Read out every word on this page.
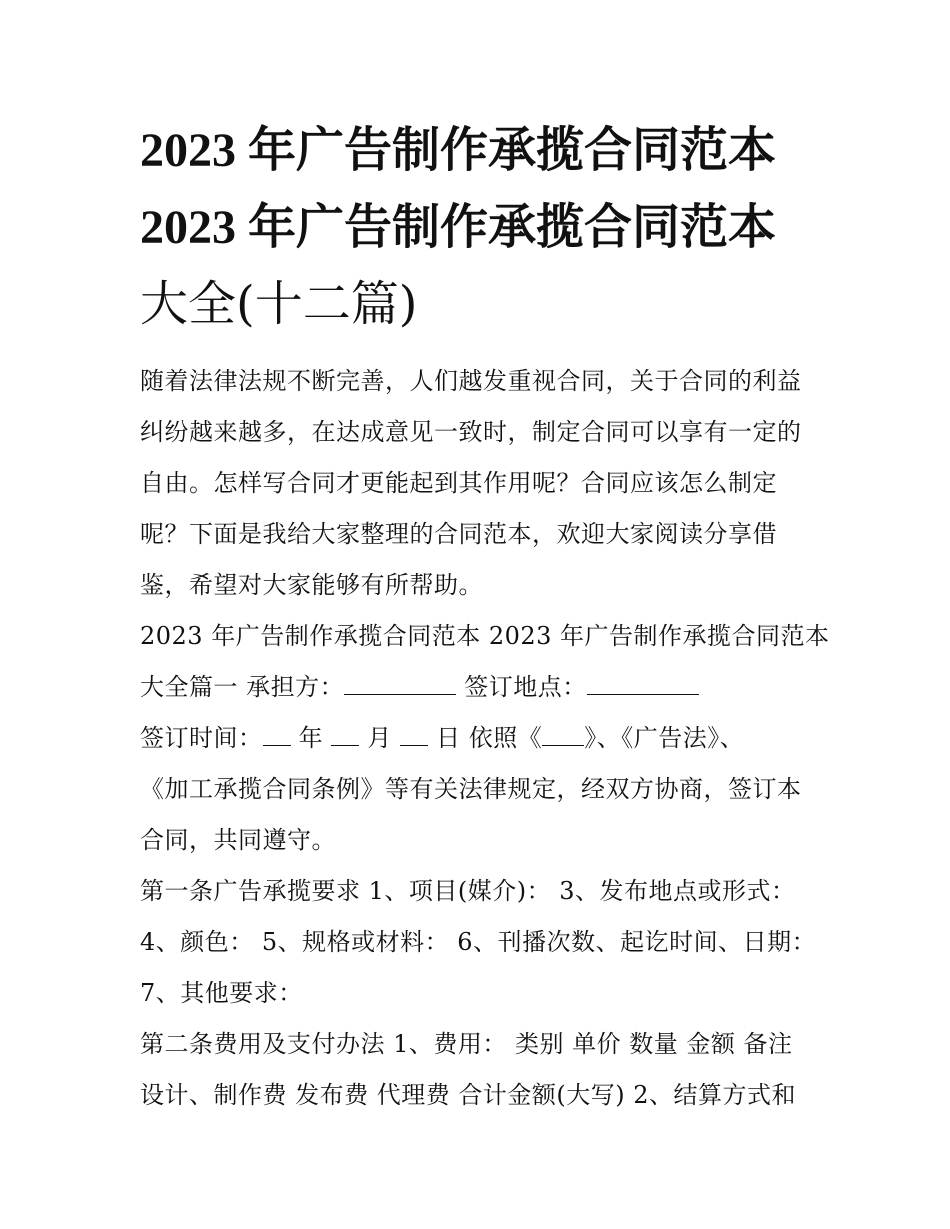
2023 年广告制作承揽合同范本
2023 年广告制作承揽合同范本
大全(十二篇)

随着法律法规不断完善，人们越发重视合同，关于合同的利益
纠纷越来越多，在达成意见一致时，制定合同可以享有一定的
自由。怎样写合同才更能起到其作用呢？合同应该怎么制定
呢？下面是我给大家整理的合同范本，欢迎大家阅读分享借
鉴，希望对大家能够有所帮助。

2023 年广告制作承揽合同范本 2023 年广告制作承揽合同范本
大全篇一 承担方：	签订地点：

签订时间： 年  月  日 依照《 》、《广告法》、
《加工承揽合同条例》等有关法律规定，经双方协商，签订本
合同，共同遵守。

第一条广告承揽要求 1、项目(媒介)： 3、发布地点或形式：
4、颜色： 5、规格或材料： 6、刊播次数、起讫时间、日期：
7、其他要求：

第二条费用及支付办法 1、费用： 类别 单价 数量 金额 备注
设计、制作费 发布费 代理费 合计金额(大写) 2、结算方式和
